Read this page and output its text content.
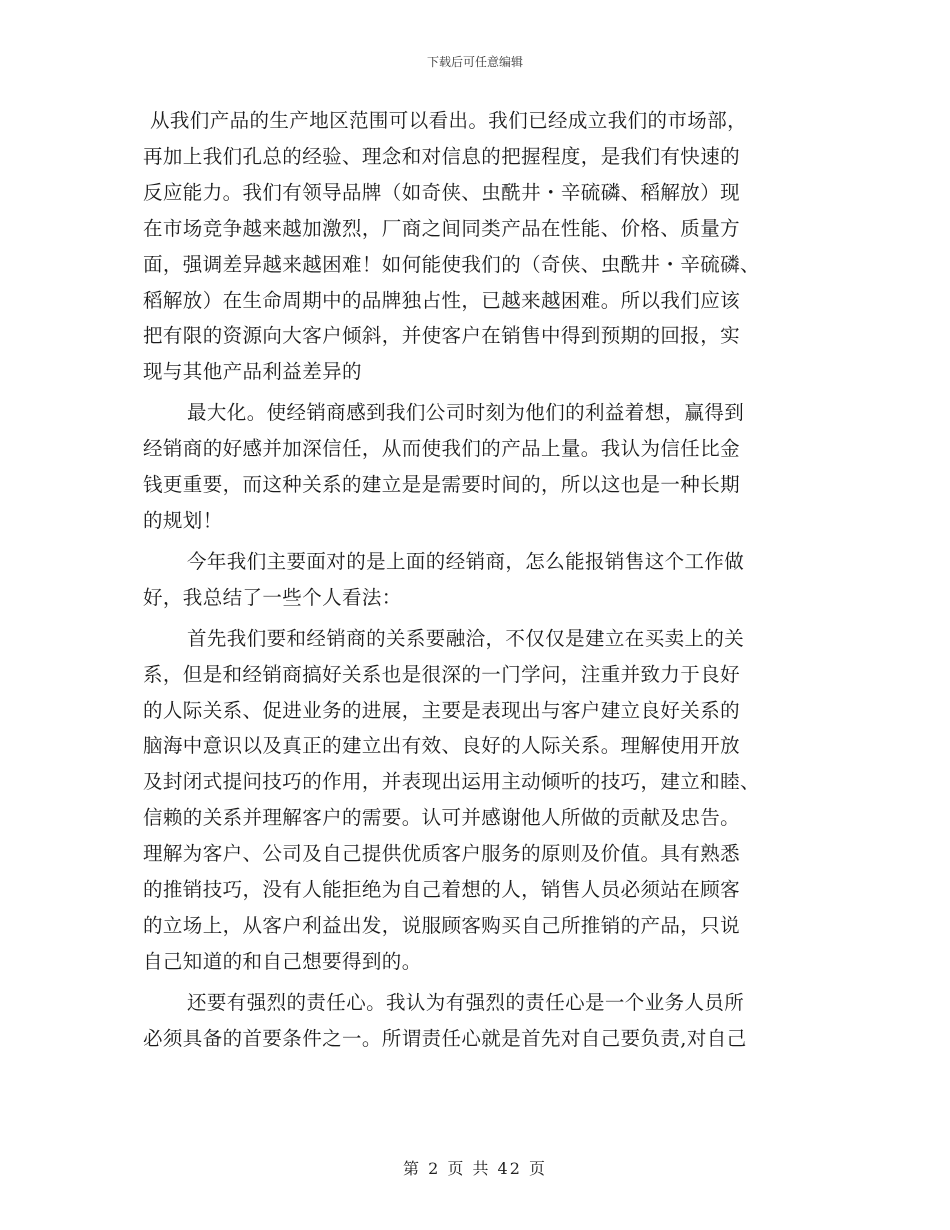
下载后可任意编辑

从我们产品的生产地区范围可以看出。我们已经成立我们的市场部，
再加上我们孔总的经验、理念和对信息的把握程度，是我们有快速的
反应能力。我们有领导品牌（如奇侠、虫酰井・辛硫磷、稻解放）现
在市场竞争越来越加激烈，厂商之间同类产品在性能、价格、质量方
面，强调差异越来越困难！如何能使我们的（奇侠、虫酰井・辛硫磷、
稻解放）在生命周期中的品牌独占性，已越来越困难。所以我们应该
把有限的资源向大客户倾斜，并使客户在销售中得到预期的回报，实
现与其他产品利益差异的

最大化。使经销商感到我们公司时刻为他们的利益着想，赢得到
经销商的好感并加深信任，从而使我们的产品上量。我认为信任比金
钱更重要，而这种关系的建立是是需要时间的，所以这也是一种长期
的规划！

今年我们主要面对的是上面的经销商，怎么能报销售这个工作做
好，我总结了一些个人看法：

首先我们要和经销商的关系要融洽，不仅仅是建立在买卖上的关
系，但是和经销商搞好关系也是很深的一门学问，注重并致力于良好
的人际关系、促进业务的进展，主要是表现出与客户建立良好关系的
脑海中意识以及真正的建立出有效、良好的人际关系。理解使用开放
及封闭式提问技巧的作用，并表现出运用主动倾听的技巧，建立和睦、
信赖的关系并理解客户的需要。认可并感谢他人所做的贡献及忠告。
理解为客户、公司及自己提供优质客户服务的原则及价值。具有熟悉
的推销技巧，没有人能拒绝为自己着想的人，销售人员必须站在顾客
的立场上，从客户利益出发，说服顾客购买自己所推销的产品，只说
自己知道的和自己想要得到的。

还要有强烈的责任心。我认为有强烈的责任心是一个业务人员所
必须具备的首要条件之一。所谓责任心就是首先对自己要负责,对自己

第 2 页 共 42 页
